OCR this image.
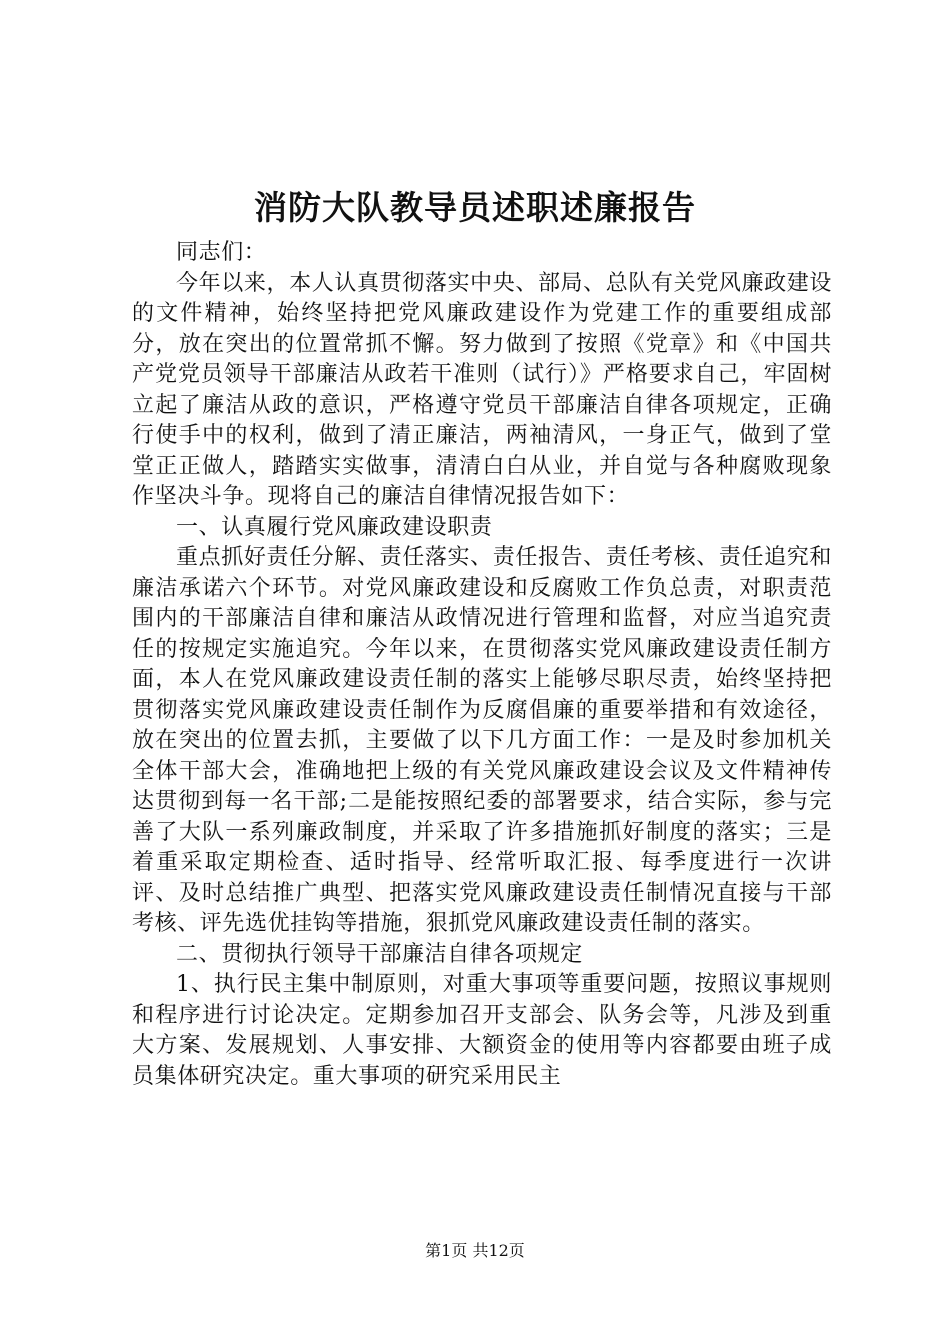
消防大队教导员述职述廉报告

同志们：

今年以来，本人认真贯彻落实中央、部局、总队有关党风廉政建设的文件精神，始终坚持把党风廉政建设作为党建工作的重要组成部分，放在突出的位置常抓不懈。努力做到了按照《党章》和《中国共产党党员领导干部廉洁从政若干准则（试行）》严格要求自己，牢固树立起了廉洁从政的意识，严格遵守党员干部廉洁自律各项规定，正确行使手中的权利，做到了清正廉洁，两袖清风，一身正气，做到了堂堂正正做人，踏踏实实做事，清清白白从业，并自觉与各种腐败现象作坚决斗争。现将自己的廉洁自律情况报告如下：

一、认真履行党风廉政建设职责

重点抓好责任分解、责任落实、责任报告、责任考核、责任追究和廉洁承诺六个环节。对党风廉政建设和反腐败工作负总责，对职责范围内的干部廉洁自律和廉洁从政情况进行管理和监督，对应当追究责任的按规定实施追究。今年以来，在贯彻落实党风廉政建设责任制方面，本人在党风廉政建设责任制的落实上能够尽职尽责，始终坚持把贯彻落实党风廉政建设责任制作为反腐倡廉的重要举措和有效途径，放在突出的位置去抓，主要做了以下几方面工作：一是及时参加机关全体干部大会，准确地把上级的有关党风廉政建设会议及文件精神传达贯彻到每一名干部;二是能按照纪委的部署要求，结合实际，参与完善了大队一系列廉政制度，并采取了许多措施抓好制度的落实；三是着重采取定期检查、适时指导、经常听取汇报、每季度进行一次讲评、及时总结推广典型、把落实党风廉政建设责任制情况直接与干部考核、评先选优挂钩等措施，狠抓党风廉政建设责任制的落实。

二、贯彻执行领导干部廉洁自律各项规定

1、执行民主集中制原则，对重大事项等重要问题，按照议事规则和程序进行讨论决定。定期参加召开支部会、队务会等，凡涉及到重大方案、发展规划、人事安排、大额资金的使用等内容都要由班子成员集体研究决定。重大事项的研究采用民主

第1页 共12页
